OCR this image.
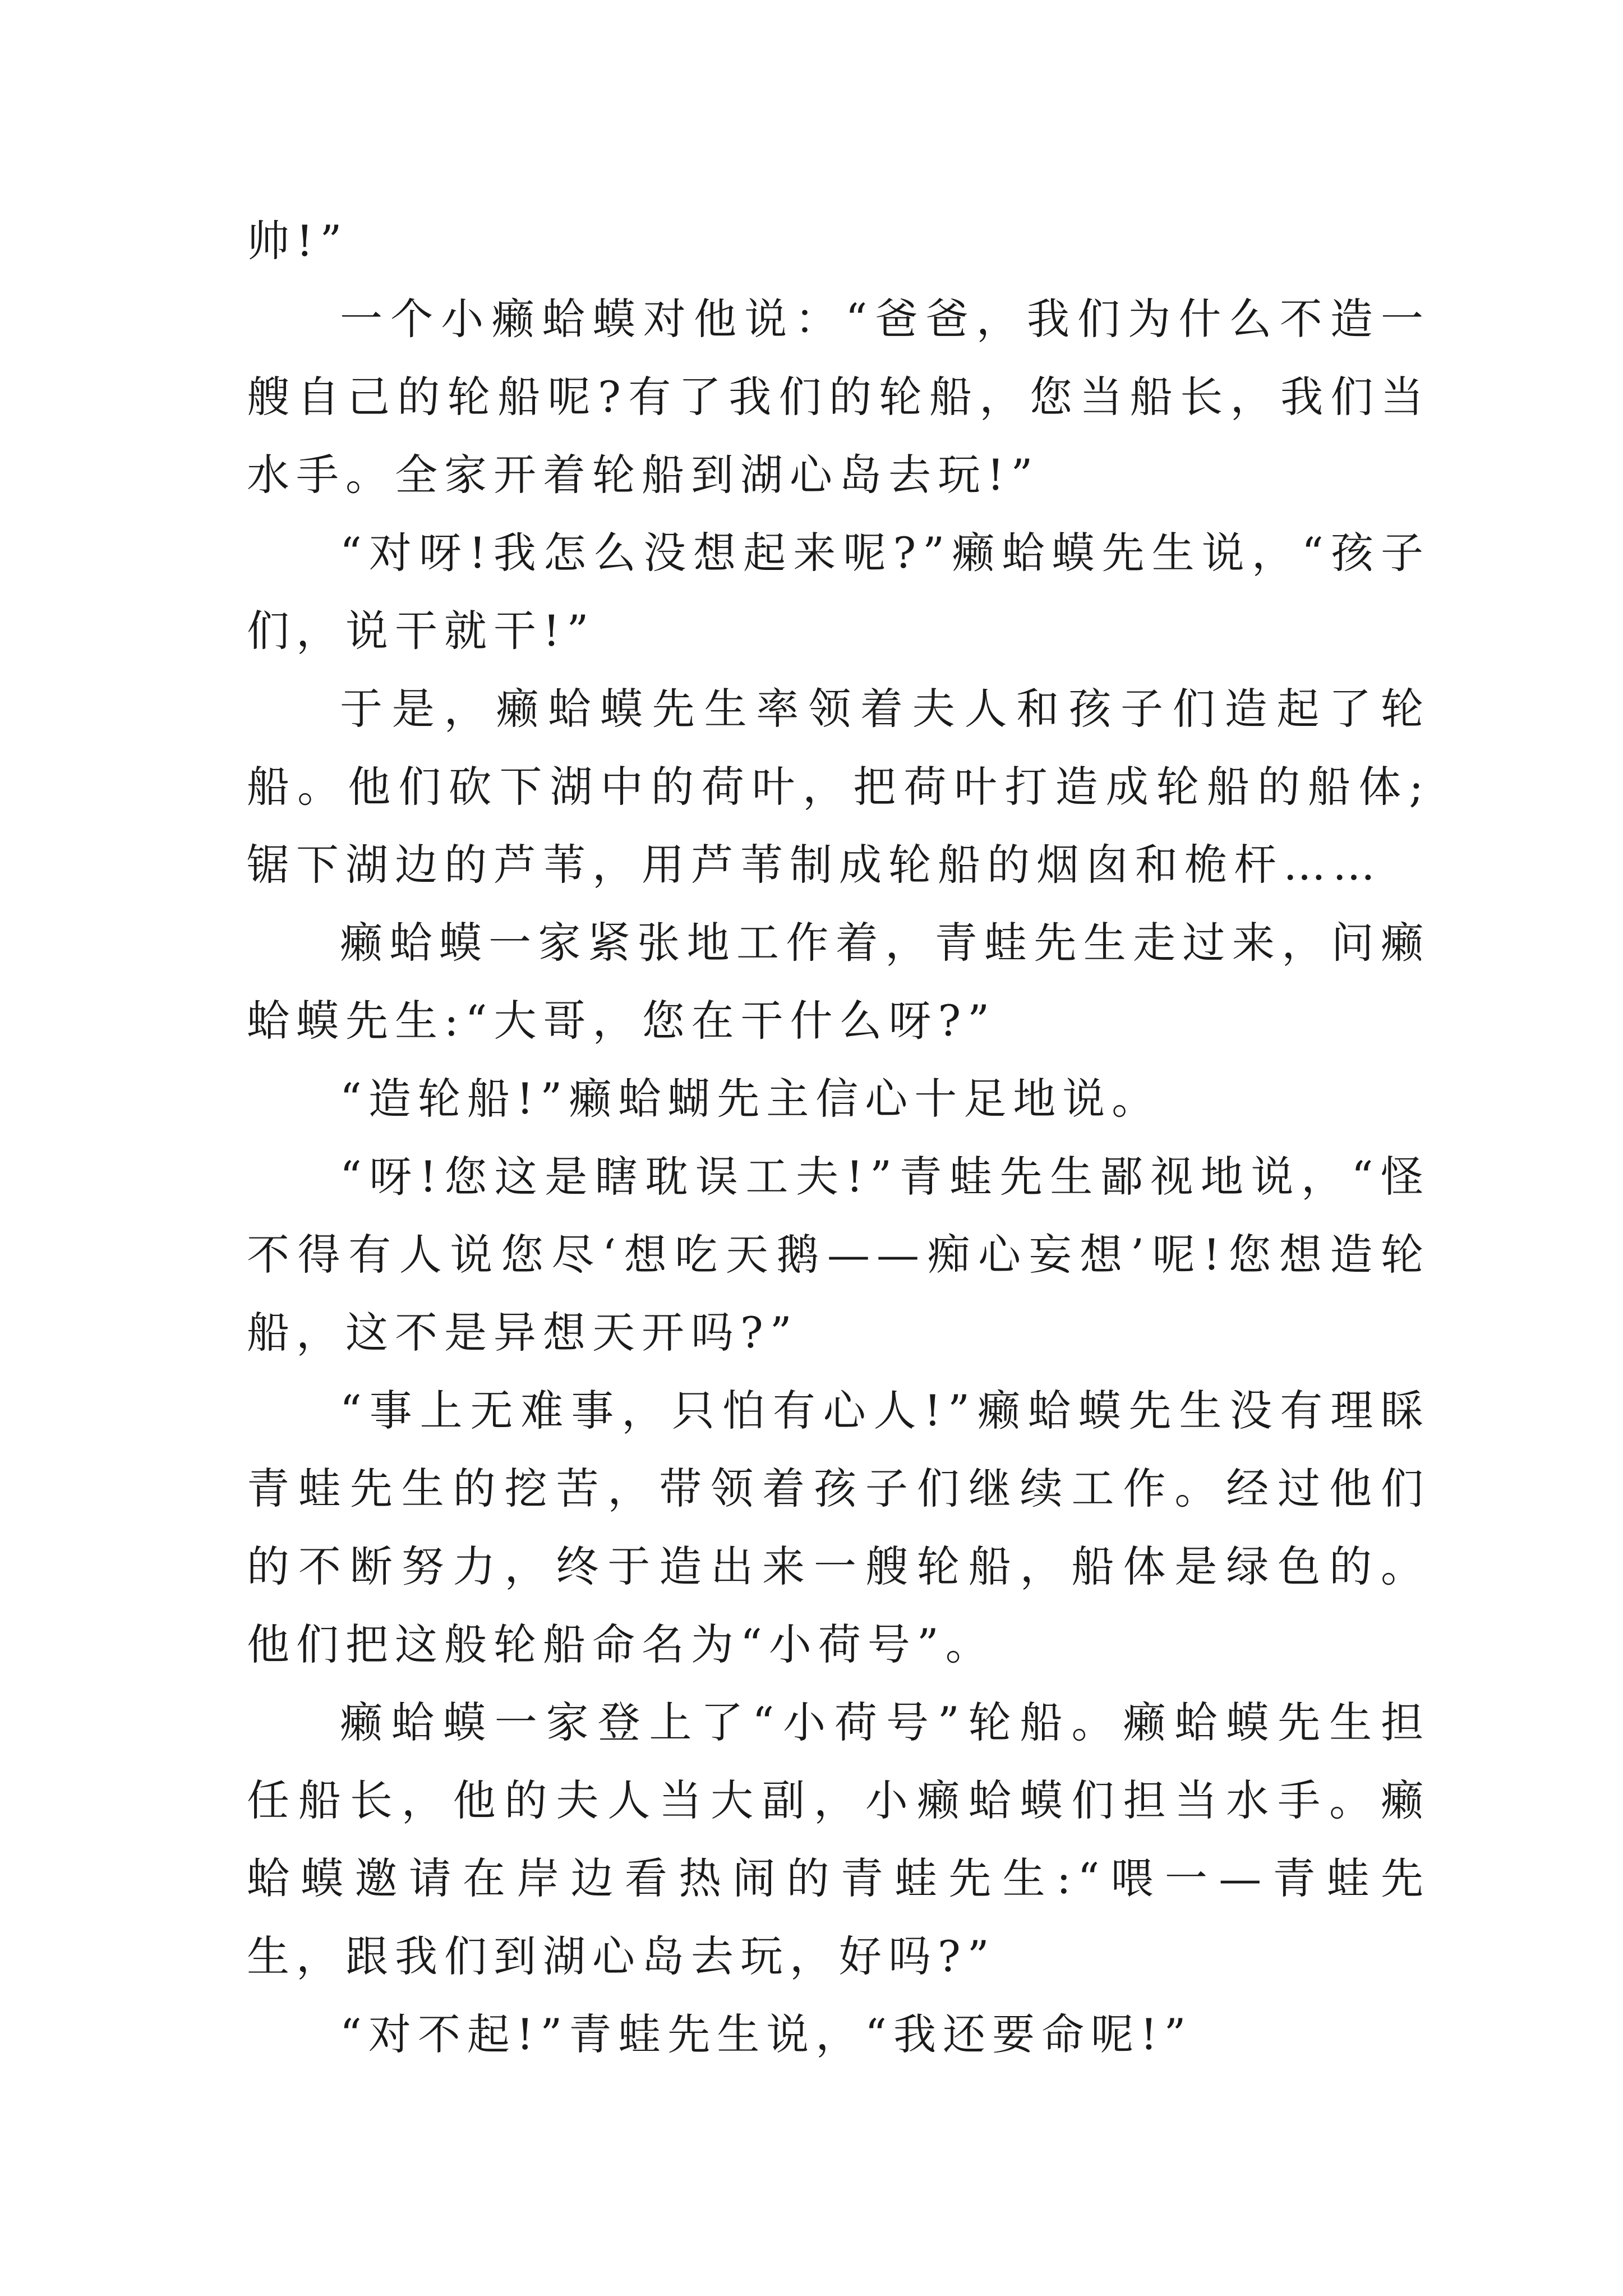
帅!”

一个小癞蛤蟆对他说：“爸爸，我们为什么不造一艘自己的轮船呢?有了我们的轮船，您当船长，我们当水手。全家开着轮船到湖心岛去玩!”

“对呀!我怎么没想起来呢?”癞蛤蟆先生说，“孩子们，说干就干!”

于是，癞蛤蟆先生率领着夫人和孩子们造起了轮船。他们砍下湖中的荷叶，把荷叶打造成轮船的船体;锯下湖边的芦苇，用芦苇制成轮船的烟囱和桅杆……

癞蛤蟆一家紧张地工作着，青蛙先生走过来，问癞蛤蟆先生:“大哥，您在干什么呀?”

“造轮船!”癞蛤蝴先主信心十足地说。

“呀!您这是瞎耽误工夫!”青蛙先生鄙视地说，“怪不得有人说您尽‘想吃天鹅——痴心妄想’呢!您想造轮船，这不是异想天开吗?”

“事上无难事，只怕有心人!”癞蛤蟆先生没有理睬青蛙先生的挖苦，带领着孩子们继续工作。经过他们的不断努力，终于造出来一艘轮船，船体是绿色的。他们把这般轮船命名为“小荷号”。

癞蛤蟆一家登上了“小荷号”轮船。癞蛤蟆先生担任船长，他的夫人当大副，小癞蛤蟆们担当水手。癞蛤蟆邀请在岸边看热闹的青蛙先生:“喂一—青蛙先生，跟我们到湖心岛去玩，好吗?”

“对不起!”青蛙先生说，“我还要命呢!”
